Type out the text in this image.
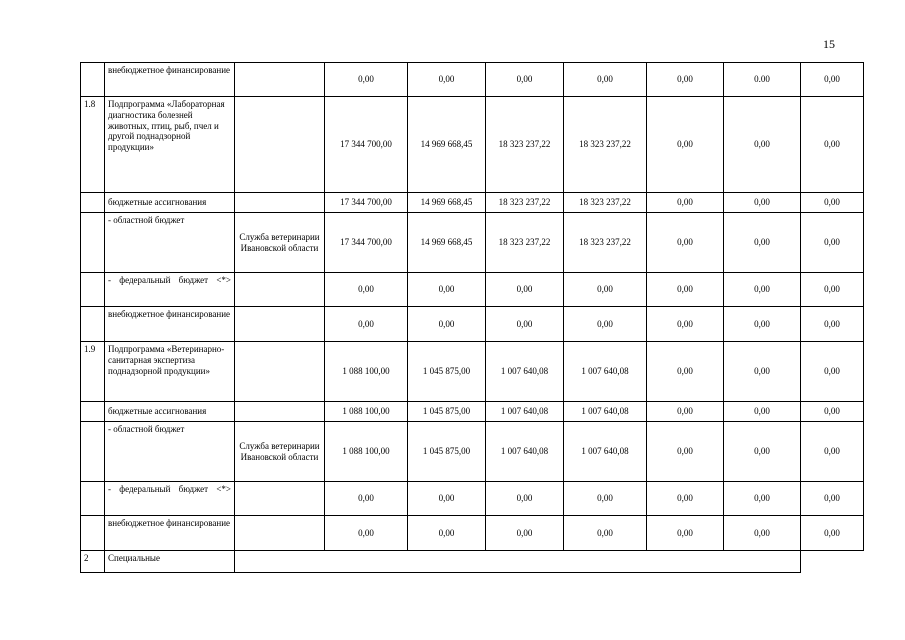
15
	внебюджетное финансирование		0,00	0,00	0,00	0,00	0,00	0.00	0,00
1.8	Подпрограмма «Лабораторная диагностика болезней животных, птиц, рыб, пчел и другой поднадзорной продукции»		17 344 700,00	14 969 668,45	18 323 237,22	18 323 237,22	0,00	0,00	0,00
	бюджетные ассигнования		17 344 700,00	14 969 668,45	18 323 237,22	18 323 237,22	0,00	0,00	0,00
	- областной бюджет	Служба ветеринарии Ивановской области	17 344 700,00	14 969 668,45	18 323 237,22	18 323 237,22	0,00	0,00	0,00
	- федеральный бюджет <*>		0,00	0,00	0,00	0,00	0,00	0,00	0,00
	внебюджетное финансирование		0,00	0,00	0,00	0,00	0,00	0,00	0,00
1.9	Подпрограмма «Ветеринарно-санитарная экспертиза поднадзорной продукции»		1 088 100,00	1 045 875,00	1 007 640,08	1 007 640,08	0,00	0,00	0,00
	бюджетные ассигнования		1 088 100,00	1 045 875,00	1 007 640,08	1 007 640,08	0,00	0,00	0,00
	- областной бюджет	Служба ветеринарии Ивановской области	1 088 100,00	1 045 875,00	1 007 640,08	1 007 640,08	0,00	0,00	0,00
	- федеральный бюджет <*>		0,00	0,00	0,00	0,00	0,00	0,00	0,00
	внебюджетное финансирование		0,00	0,00	0,00	0,00	0,00	0,00	0,00
2	Специальные								
